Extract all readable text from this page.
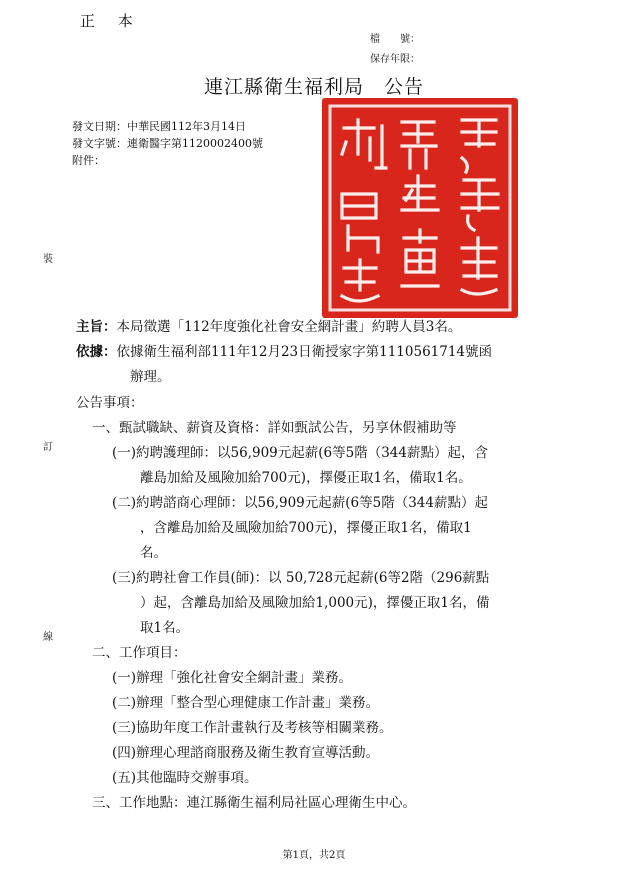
正 本
檔　　號：
保存年限：
連江縣衛生福利局 公告
發文日期：中華民國112年3月14日
發文字號：連衛醫字第1120002400號
附件：
裝
訂
線
主旨：本局徵選「112年度強化社會安全網計畫」約聘人員3名。
依據：依據衛生福利部111年12月23日衛授家字第1110561714號函
辦理。
公告事項：
一、甄試職缺、薪資及資格：詳如甄試公告，另享休假補助等
(一)約聘護理師：以56,909元起薪(6等5階（344薪點）起，含
離島加給及風險加給700元)，擇優正取1名，備取1名。
(二)約聘諮商心理師：以56,909元起薪(6等5階（344薪點）起
，含離島加給及風險加給700元)，擇優正取1名，備取1
名。
(三)約聘社會工作員(師)：以 50,728元起薪(6等2階（296薪點
）起，含離島加給及風險加給1,000元)，擇優正取1名，備
取1名。
二、工作項目：
(一)辦理「強化社會安全網計畫」業務。
(二)辦理「整合型心理健康工作計畫」業務。
(三)協助年度工作計畫執行及考核等相關業務。
(四)辦理心理諮商服務及衛生教育宣導活動。
(五)其他臨時交辦事項。
三、工作地點：連江縣衛生福利局社區心理衛生中心。
第1頁，共2頁
